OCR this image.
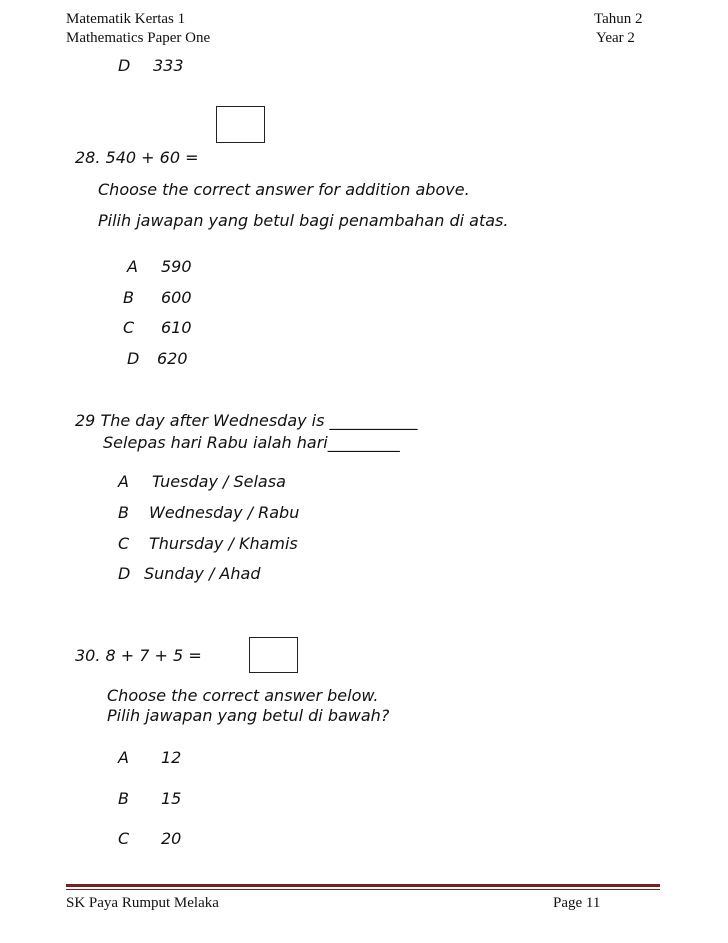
Matematik Kertas 1
Mathematics Paper One
Tahun 2
Year 2
D 333
28. 540 + 60 =
Choose the correct answer for addition above.
Pilih jawapan yang betul bagi penambahan di atas.
A 590
B 600
C 610
D 620
29 The day after Wednesday is ___________
Selepas hari Rabu ialah hari_________
A Tuesday / Selasa
B Wednesday / Rabu
C Thursday / Khamis
D Sunday / Ahad
30. 8 + 7 + 5 =
Choose the correct answer below.
Pilih jawapan yang betul di bawah?
A 12
B 15
C 20
SK Paya Rumput Melaka	Page 11
